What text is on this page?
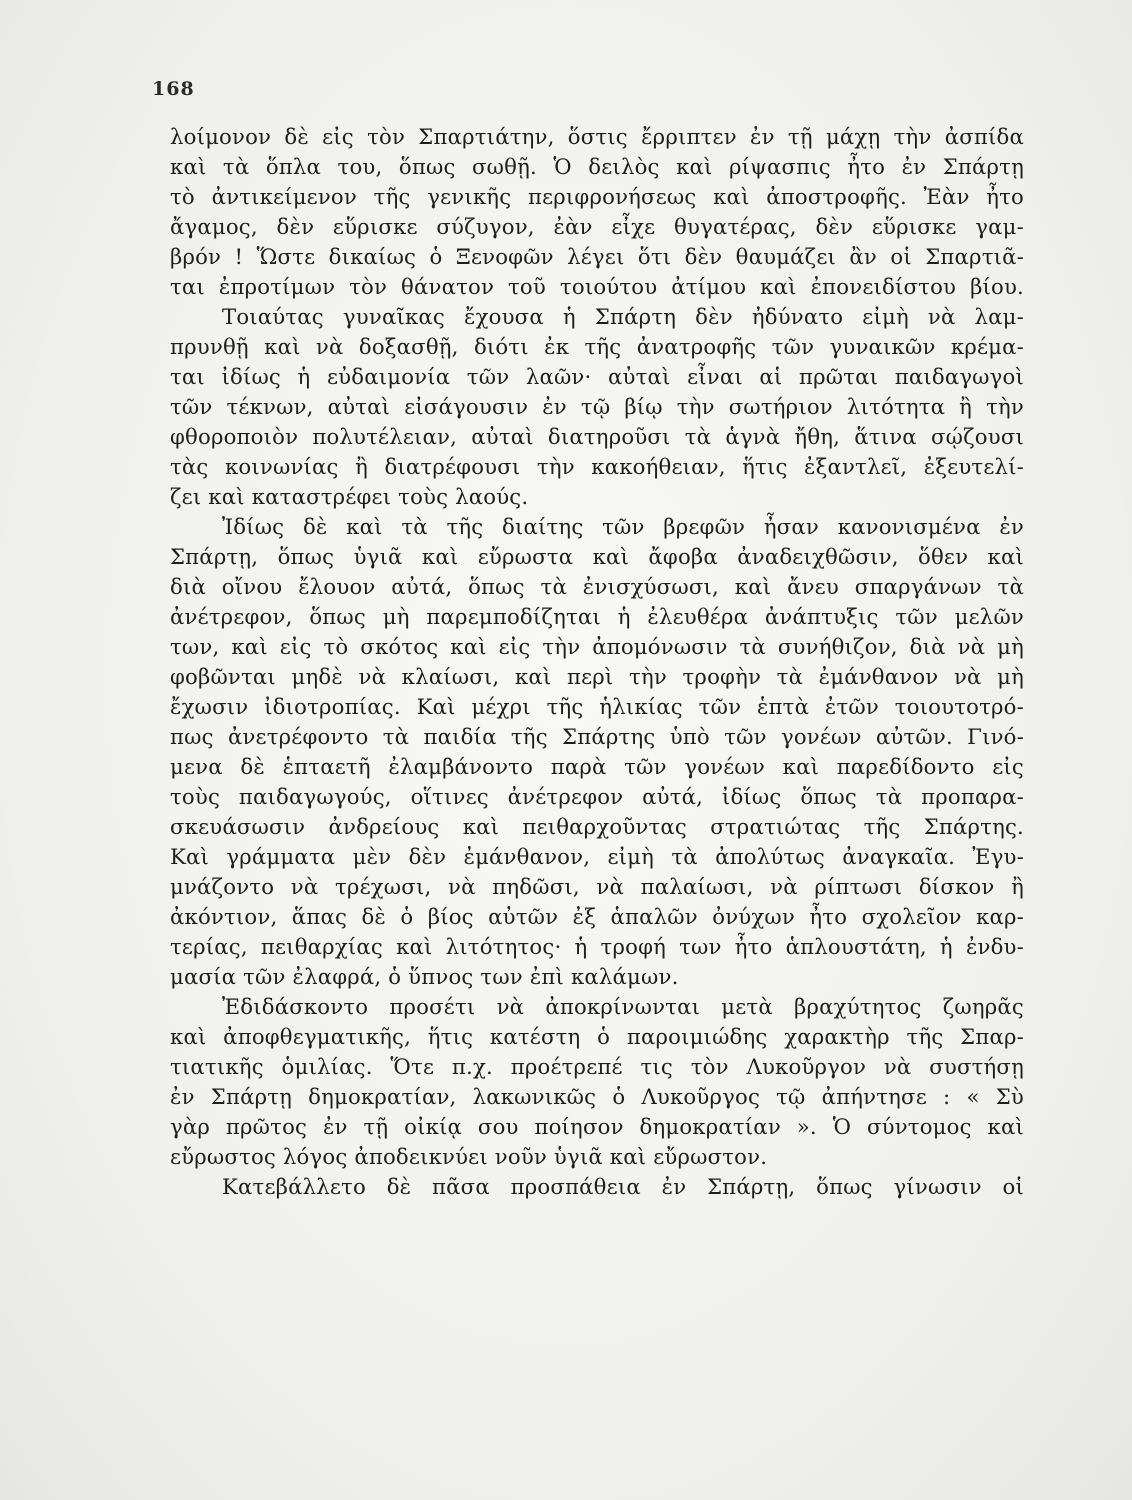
168
λοίμονον δὲ εἰς τὸν Σπαρτιάτην, ὅστις ἔρριπτεν ἐν τῇ μάχῃ τὴν ἀσπίδα
καὶ τὰ ὅπλα του, ὅπως σωθῇ. Ὁ δειλὸς καὶ ρίψασπις ἦτο ἐν Σπάρτῃ
τὸ ἀντικείμενον τῆς γενικῆς περιφρονήσεως καὶ ἀποστροφῆς. Ἐὰν ἦτο
ἄγαμος, δὲν εὕρισκε σύζυγον, ἐὰν εἶχε θυγατέρας, δὲν εὕρισκε γαμ-
βρόν ! Ὥστε δικαίως ὁ Ξενοφῶν λέγει ὅτι δὲν θαυμάζει ἂν οἱ Σπαρτιᾶ-
ται ἐπροτίμων τὸν θάνατον τοῦ τοιούτου ἀτίμου καὶ ἐπονειδίστου βίου.
Τοιαύτας γυναῖκας ἔχουσα ἡ Σπάρτη δὲν ἠδύνατο εἰμὴ νὰ λαμ-
πρυνθῇ καὶ νὰ δοξασθῇ, διότι ἐκ τῆς ἀνατροφῆς τῶν γυναικῶν κρέμα-
ται ἰδίως ἡ εὐδαιμονία τῶν λαῶν· αὐταὶ εἶναι αἱ πρῶται παιδαγωγοὶ
τῶν τέκνων, αὐταὶ εἰσάγουσιν ἐν τῷ βίῳ τὴν σωτήριον λιτότητα ἢ τὴν
φθοροποιὸν πολυτέλειαν, αὐταὶ διατηροῦσι τὰ ἁγνὰ ἤθη, ἅτινα σῴζουσι
τὰς κοινωνίας ἢ διατρέφουσι τὴν κακοήθειαν, ἥτις ἐξαντλεῖ, ἐξευτελί-
ζει καὶ καταστρέφει τοὺς λαούς.
Ἰδίως δὲ καὶ τὰ τῆς διαίτης τῶν βρεφῶν ἦσαν κανονισμένα ἐν
Σπάρτῃ, ὅπως ὑγιᾶ καὶ εὔρωστα καὶ ἄφοβα ἀναδειχθῶσιν, ὅθεν καὶ
διὰ οἴνου ἔλουον αὐτά, ὅπως τὰ ἐνισχύσωσι, καὶ ἄνευ σπαργάνων τὰ
ἀνέτρεφον, ὅπως μὴ παρεμποδίζηται ἡ ἐλευθέρα ἀνάπτυξις τῶν μελῶν
των, καὶ εἰς τὸ σκότος καὶ εἰς τὴν ἀπομόνωσιν τὰ συνήθιζον, διὰ νὰ μὴ
φοβῶνται μηδὲ νὰ κλαίωσι, καὶ περὶ τὴν τροφὴν τὰ ἐμάνθανον νὰ μὴ
ἔχωσιν ἰδιοτροπίας. Καὶ μέχρι τῆς ἡλικίας τῶν ἑπτὰ ἐτῶν τοιουτοτρό-
πως ἀνετρέφοντο τὰ παιδία τῆς Σπάρτης ὑπὸ τῶν γονέων αὐτῶν. Γινό-
μενα δὲ ἑπταετῆ ἐλαμβάνοντο παρὰ τῶν γονέων καὶ παρεδίδοντο εἰς
τοὺς παιδαγωγούς, οἵτινες ἀνέτρεφον αὐτά, ἰδίως ὅπως τὰ προπαρα-
σκευάσωσιν ἀνδρείους καὶ πειθαρχοῦντας στρατιώτας τῆς Σπάρτης.
Καὶ γράμματα μὲν δὲν ἐμάνθανον, εἰμὴ τὰ ἀπολύτως ἀναγκαῖα. Ἐγυ-
μνάζοντο νὰ τρέχωσι, νὰ πηδῶσι, νὰ παλαίωσι, νὰ ρίπτωσι δίσκον ἢ
ἀκόντιον, ἅπας δὲ ὁ βίος αὐτῶν ἐξ ἁπαλῶν ὀνύχων ἦτο σχολεῖον καρ-
τερίας, πειθαρχίας καὶ λιτότητος· ἡ τροφή των ἦτο ἁπλουστάτη, ἡ ἐνδυ-
μασία τῶν ἐλαφρά, ὁ ὕπνος των ἐπὶ καλάμων.
Ἐδιδάσκοντο προσέτι νὰ ἀποκρίνωνται μετὰ βραχύτητος ζωηρᾶς
καὶ ἀποφθεγματικῆς, ἥτις κατέστη ὁ παροιμιώδης χαρακτὴρ τῆς Σπαρ-
τιατικῆς ὁμιλίας. Ὅτε π.χ. προέτρεπέ τις τὸν Λυκοῦργον νὰ συστήσῃ
ἐν Σπάρτῃ δημοκρατίαν, λακωνικῶς ὁ Λυκοῦργος τῷ ἀπήντησε : « Σὺ
γὰρ πρῶτος ἐν τῇ οἰκίᾳ σου ποίησον δημοκρατίαν ». Ὁ σύντομος καὶ
εὔρωστος λόγος ἀποδεικνύει νοῦν ὑγιᾶ καὶ εὔρωστον.
Κατεβάλλετο δὲ πᾶσα προσπάθεια ἐν Σπάρτῃ, ὅπως γίνωσιν οἱ
